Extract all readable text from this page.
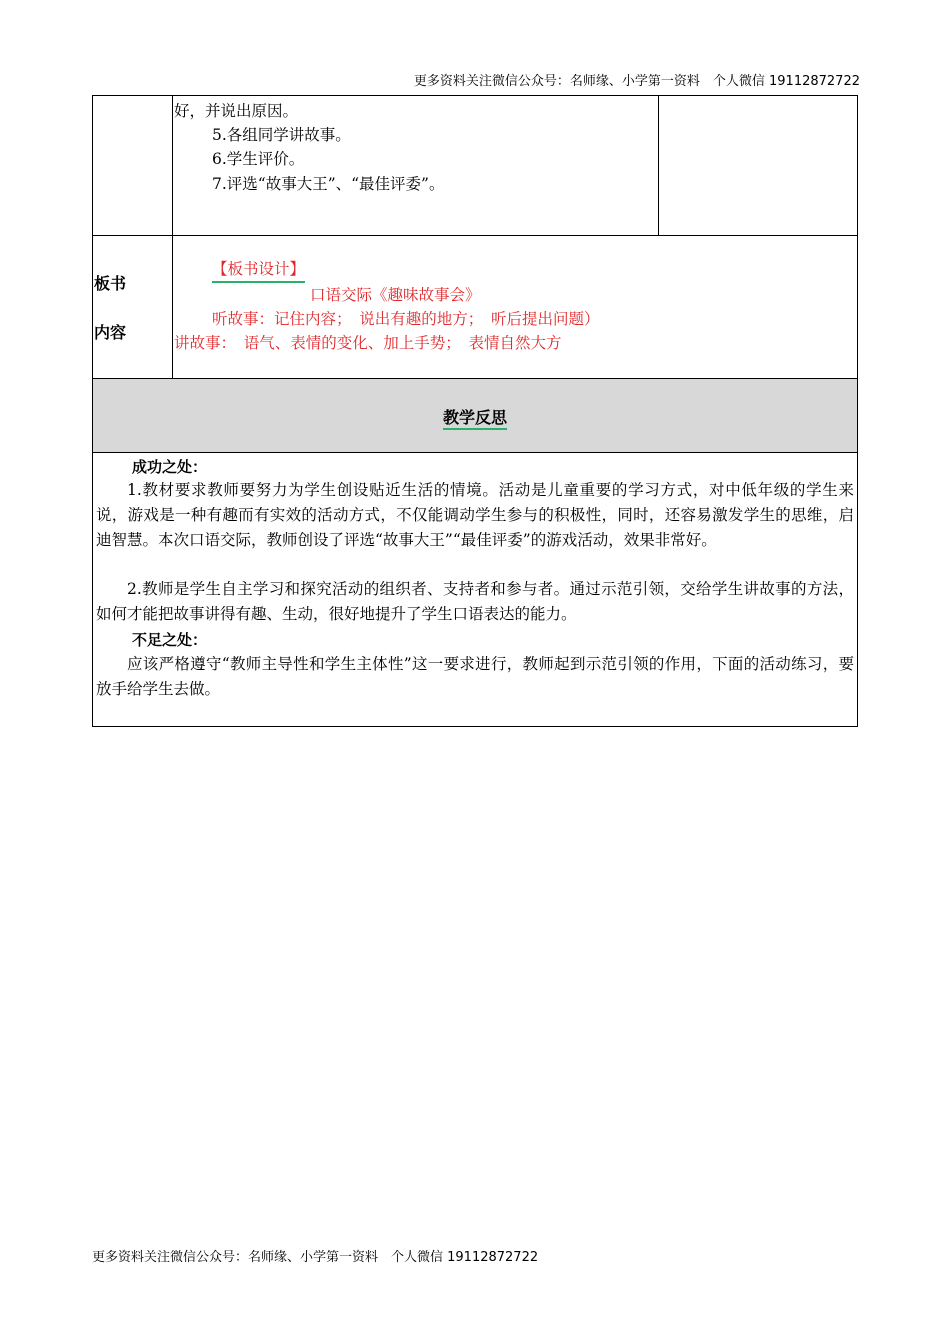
更多资料关注微信公众号：名师缘、小学第一资料　个人微信 19112872722
好，并说出原因。
5.各组同学讲故事。
6.学生评价。
7.评选“故事大王”、“最佳评委”。
板书
内容
【板书设计】
口语交际《趣味故事会》
听故事：记住内容；　说出有趣的地方；　听后提出问题）
讲故事：　语气、表情的变化、加上手势；　表情自然大方
教学反思
成功之处：
1.教材要求教师要努力为学生创设贴近生活的情境。活动是儿童重要的学习方式，对中低年级的学生来说，游戏是一种有趣而有实效的活动方式，不仅能调动学生参与的积极性，同时，还容易激发学生的思维，启迪智慧。本次口语交际，教师创设了评选“故事大王”“最佳评委”的游戏活动，效果非常好。
2.教师是学生自主学习和探究活动的组织者、支持者和参与者。通过示范引领，交给学生讲故事的方法，如何才能把故事讲得有趣、生动，很好地提升了学生口语表达的能力。
不足之处：
应该严格遵守“教师主导性和学生主体性”这一要求进行，教师起到示范引领的作用，下面的活动练习，要放手给学生去做。
更多资料关注微信公众号：名师缘、小学第一资料　个人微信 19112872722
